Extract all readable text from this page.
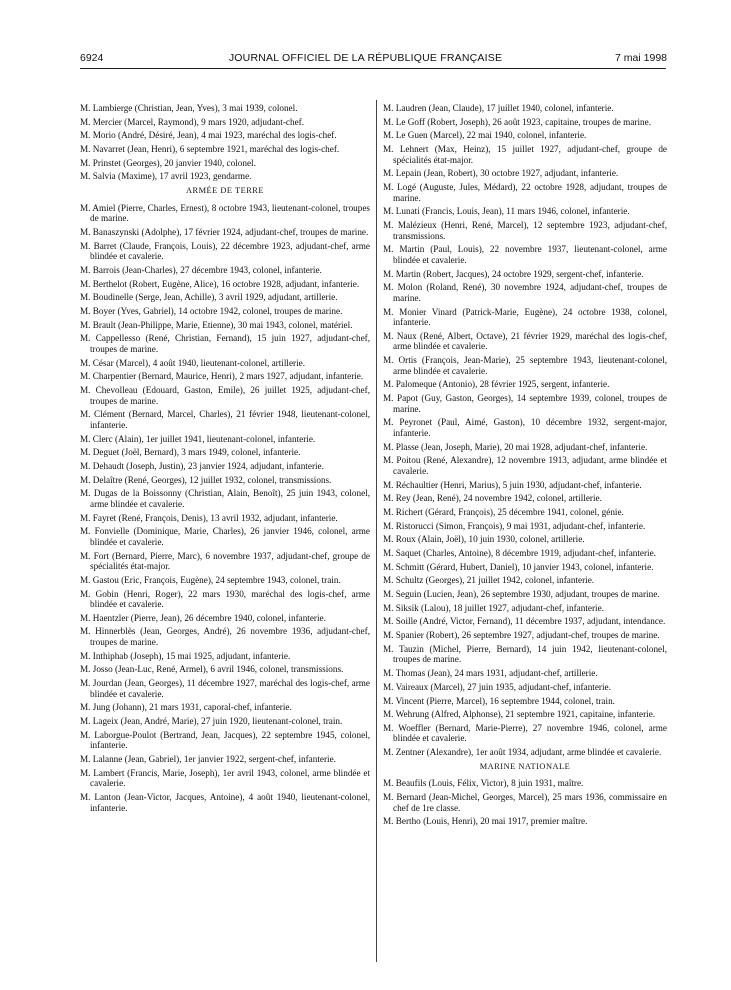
6924	JOURNAL OFFICIEL DE LA RÉPUBLIQUE FRANÇAISE	7 mai 1998

M. Lambierge (Christian, Jean, Yves), 3 mai 1939, colonel.

M. Mercier (Marcel, Raymond), 9 mars 1920, adjudant-chef.

M. Morio (André, Désiré, Jean), 4 mai 1923, maréchal des logis-chef.

M. Navarret (Jean, Henri), 6 septembre 1921, maréchal des logis-chef.

M. Prinstet (Georges), 20 janvier 1940, colonel.

M. Salvia (Maxime), 17 avril 1923, gendarme.

ARMÉE DE TERRE

M. Amiel (Pierre, Charles, Ernest), 8 octobre 1943, lieutenant-colonel, troupes de marine.

M. Banaszynski (Adolphe), 17 février 1924, adjudant-chef, troupes de marine.

M. Barret (Claude, François, Louis), 22 décembre 1923, adjudant-chef, arme blindée et cavalerie.

M. Barrois (Jean-Charles), 27 décembre 1943, colonel, infanterie.

M. Berthelot (Robert, Eugène, Alice), 16 octobre 1928, adjudant, infanterie.

M. Boudinelle (Serge, Jean, Achille), 3 avril 1929, adjudant, artillerie.

M. Boyer (Yves, Gabriel), 14 octobre 1942, colonel, troupes de marine.

M. Brault (Jean-Philippe, Marie, Etienne), 30 mai 1943, colonel, matériel.

M. Cappellesso (René, Christian, Fernand), 15 juin 1927, adjudant-chef, troupes de marine.

M. César (Marcel), 4 août 1940, lieutenant-colonel, artillerie.

M. Charpentier (Bernard, Maurice, Henri), 2 mars 1927, adjudant, infanterie.

M. Chevolleau (Edouard, Gaston, Emile), 26 juillet 1925, adjudant-chef, troupes de marine.

M. Clément (Bernard, Marcel, Charles), 21 février 1948, lieutenant-colonel, infanterie.

M. Clerc (Alain), 1er juillet 1941, lieutenant-colonel, infanterie.

M. Deguet (Joël, Bernard), 3 mars 1949, colonel, infanterie.

M. Dehaudt (Joseph, Justin), 23 janvier 1924, adjudant, infanterie.

M. Delaître (René, Georges), 12 juillet 1932, colonel, transmissions.

M. Dugas de la Boissonny (Christian, Alain, Benoît), 25 juin 1943, colonel, arme blindée et cavalerie.

M. Fayret (René, François, Denis), 13 avril 1932, adjudant, infanterie.

M. Fonvielle (Dominique, Marie, Charles), 26 janvier 1946, colonel, arme blindée et cavalerie.

M. Fort (Bernard, Pierre, Marc), 6 novembre 1937, adjudant-chef, groupe de spécialités état-major.

M. Gastou (Eric, François, Eugène), 24 septembre 1943, colonel, train.

M. Gobin (Henri, Roger), 22 mars 1930, maréchal des logis-chef, arme blindée et cavalerie.

M. Haentzler (Pierre, Jean), 26 décembre 1940, colonel, infanterie.

M. Hinnerblès (Jean, Georges, André), 26 novembre 1936, adjudant-chef, troupes de marine.

M. Inthiphab (Joseph), 15 mai 1925, adjudant, infanterie.

M. Josso (Jean-Luc, René, Armel), 6 avril 1946, colonel, transmissions.

M. Jourdan (Jean, Georges), 11 décembre 1927, maréchal des logis-chef, arme blindée et cavalerie.

M. Jung (Johann), 21 mars 1931, caporal-chef, infanterie.

M. Lageix (Jean, André, Marie), 27 juin 1920, lieutenant-colonel, train.

M. Laborgue-Poulot (Bertrand, Jean, Jacques), 22 septembre 1945, colonel, infanterie.

M. Lalanne (Jean, Gabriel), 1er janvier 1922, sergent-chef, infanterie.

M. Lambert (Francis, Marie, Joseph), 1er avril 1943, colonel, arme blindée et cavalerie.

M. Lanton (Jean-Victor, Jacques, Antoine), 4 août 1940, lieutenant-colonel, infanterie.

M. Laudren (Jean, Claude), 17 juillet 1940, colonel, infanterie.

M. Le Goff (Robert, Joseph), 26 août 1923, capitaine, troupes de marine.

M. Le Guen (Marcel), 22 mai 1940, colonel, infanterie.

M. Lehnert (Max, Heinz), 15 juillet 1927, adjudant-chef, groupe de spécialités état-major.

M. Lepain (Jean, Robert), 30 octobre 1927, adjudant, infanterie.

M. Logé (Auguste, Jules, Médard), 22 octobre 1928, adjudant, troupes de marine.

M. Lunati (Francis, Louis, Jean), 11 mars 1946, colonel, infanterie.

M. Malézieux (Henri, René, Marcel), 12 septembre 1923, adjudant-chef, transmissions.

M. Martin (Paul, Louis), 22 novembre 1937, lieutenant-colonel, arme blindée et cavalerie.

M. Martin (Robert, Jacques), 24 octobre 1929, sergent-chef, infanterie.

M. Molon (Roland, René), 30 novembre 1924, adjudant-chef, troupes de marine.

M. Monier Vinard (Patrick-Marie, Eugène), 24 octobre 1938, colonel, infanterie.

M. Naux (René, Albert, Octave), 21 février 1929, maréchal des logis-chef, arme blindée et cavalerie.

M. Ortis (François, Jean-Marie), 25 septembre 1943, lieutenant-colonel, arme blindée et cavalerie.

M. Palomeque (Antonio), 28 février 1925, sergent, infanterie.

M. Papot (Guy, Gaston, Georges), 14 septembre 1939, colonel, troupes de marine.

M. Peyronet (Paul, Aimé, Gaston), 10 décembre 1932, sergent-major, infanterie.

M. Plasse (Jean, Joseph, Marie), 20 mai 1928, adjudant-chef, infanterie.

M. Poitou (René, Alexandre), 12 novembre 1913, adjudant, arme blindée et cavalerie.

M. Réchaultier (Henri, Marius), 5 juin 1930, adjudant-chef, infanterie.

M. Rey (Jean, René), 24 novembre 1942, colonel, artillerie.

M. Richert (Gérard, François), 25 décembre 1941, colonel, génie.

M. Ristorucci (Simon, François), 9 mai 1931, adjudant-chef, infanterie.

M. Roux (Alain, Joël), 10 juin 1930, colonel, artillerie.

M. Saquet (Charles, Antoine), 8 décembre 1919, adjudant-chef, infanterie.

M. Schmitt (Gérard, Hubert, Daniel), 10 janvier 1943, colonel, infanterie.

M. Schultz (Georges), 21 juillet 1942, colonel, infanterie.

M. Seguin (Lucien, Jean), 26 septembre 1930, adjudant, troupes de marine.

M. Siksik (Lalou), 18 juillet 1927, adjudant-chef, infanterie.

M. Soille (André, Victor, Fernand), 11 décembre 1937, adjudant, intendance.

M. Spanier (Robert), 26 septembre 1927, adjudant-chef, troupes de marine.

M. Tauzin (Michel, Pierre, Bernard), 14 juin 1942, lieutenant-colonel, troupes de marine.

M. Thomas (Jean), 24 mars 1931, adjudant-chef, artillerie.

M. Vaireaux (Marcel), 27 juin 1935, adjudant-chef, infanterie.

M. Vincent (Pierre, Marcel), 16 septembre 1944, colonel, train.

M. Wehrung (Alfred, Alphonse), 21 septembre 1921, capitaine, infanterie.

M. Woeffler (Bernard, Marie-Pierre), 27 novembre 1946, colonel, arme blindée et cavalerie.

M. Zentner (Alexandre), 1er août 1934, adjudant, arme blindée et cavalerie.

MARINE NATIONALE

M. Beaufils (Louis, Félix, Victor), 8 juin 1931, maître.

M. Bernard (Jean-Michel, Georges, Marcel), 25 mars 1936, commissaire en chef de 1re classe.

M. Bertho (Louis, Henri), 20 mai 1917, premier maître.
